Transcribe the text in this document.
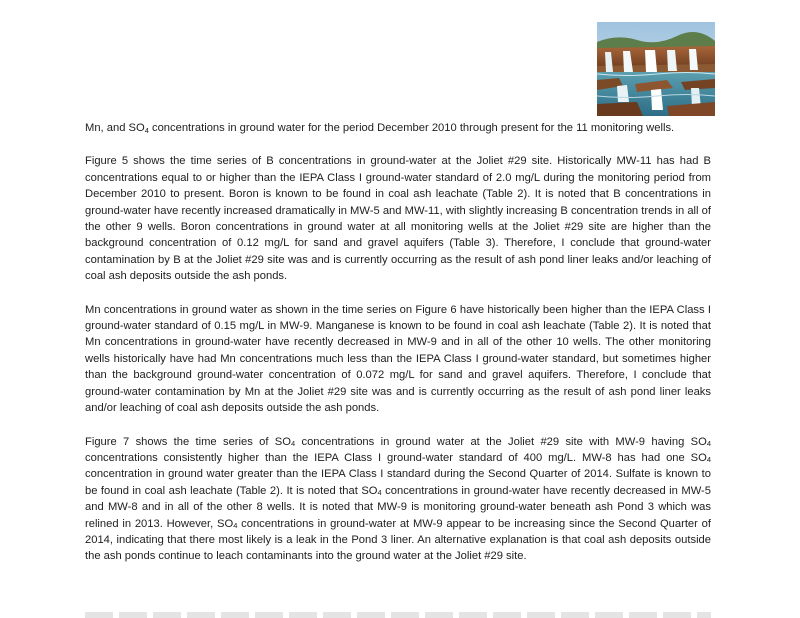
Mn, and $SO_4$ concentrations in ground water for the period December 2010 through present for the 11 monitoring wells.

Figure 5 shows the time series of B concentrations in ground-water at the Joliet #29 site. Historically MW-11 has had B concentrations equal to or higher than the IEPA Class I ground-water standard of 2.0 mg/L during the monitoring period from December 2010 to present. Boron is known to be found in coal ash leachate (Table 2). It is noted that B concentrations in ground-water have recently increased dramatically in MW-5 and MW-11, with slightly increasing B concentration trends in all of the other 9 wells. Boron concentrations in ground water at all monitoring wells at the Joliet #29 site are higher than the background concentration of 0.12 mg/L for sand and gravel aquifers (Table 3). Therefore, I conclude that ground-water contamination by B at the Joliet #29 site was and is currently occurring as the result of ash pond liner leaks and/or leaching of coal ash deposits outside the ash ponds.

Mn concentrations in ground water as shown in the time series on Figure 6 have historically been higher than the IEPA Class I ground-water standard of 0.15 mg/L in MW-9. Manganese is known to be found in coal ash leachate (Table 2). It is noted that Mn concentrations in ground-water have recently decreased in MW-9 and in all of the other 10 wells. The other monitoring wells historically have had Mn concentrations much less than the IEPA Class I ground-water standard, but sometimes higher than the background ground-water concentration of 0.072 mg/L for sand and gravel aquifers. Therefore, I conclude that ground-water contamination by Mn at the Joliet #29 site was and is currently occurring as the result of ash pond liner leaks and/or leaching of coal ash deposits outside the ash ponds.

Figure 7 shows the time series of $SO_4$ concentrations in ground water at the Joliet #29 site with MW-9 having $SO_4$ concentrations consistently higher than the IEPA Class I ground-water standard of 400 mg/L. MW-8 has had one $SO_4$ concentration in ground water greater than the IEPA Class I standard during the Second Quarter of 2014. Sulfate is known to be found in coal ash leachate (Table 2). It is noted that $SO_4$ concentrations in ground-water have recently decreased in MW-5 and MW-8 and in all of the other 8 wells. It is noted that MW-9 is monitoring ground-water beneath ash Pond 3 which was relined in 2013. However, $SO_4$ concentrations in ground-water at MW-9 appear to be increasing since the Second Quarter of 2014, indicating that there most likely is a leak in the Pond 3 liner. An alternative explanation is that coal ash deposits outside the ash ponds continue to leach contaminants into the ground water at the Joliet #29 site.
